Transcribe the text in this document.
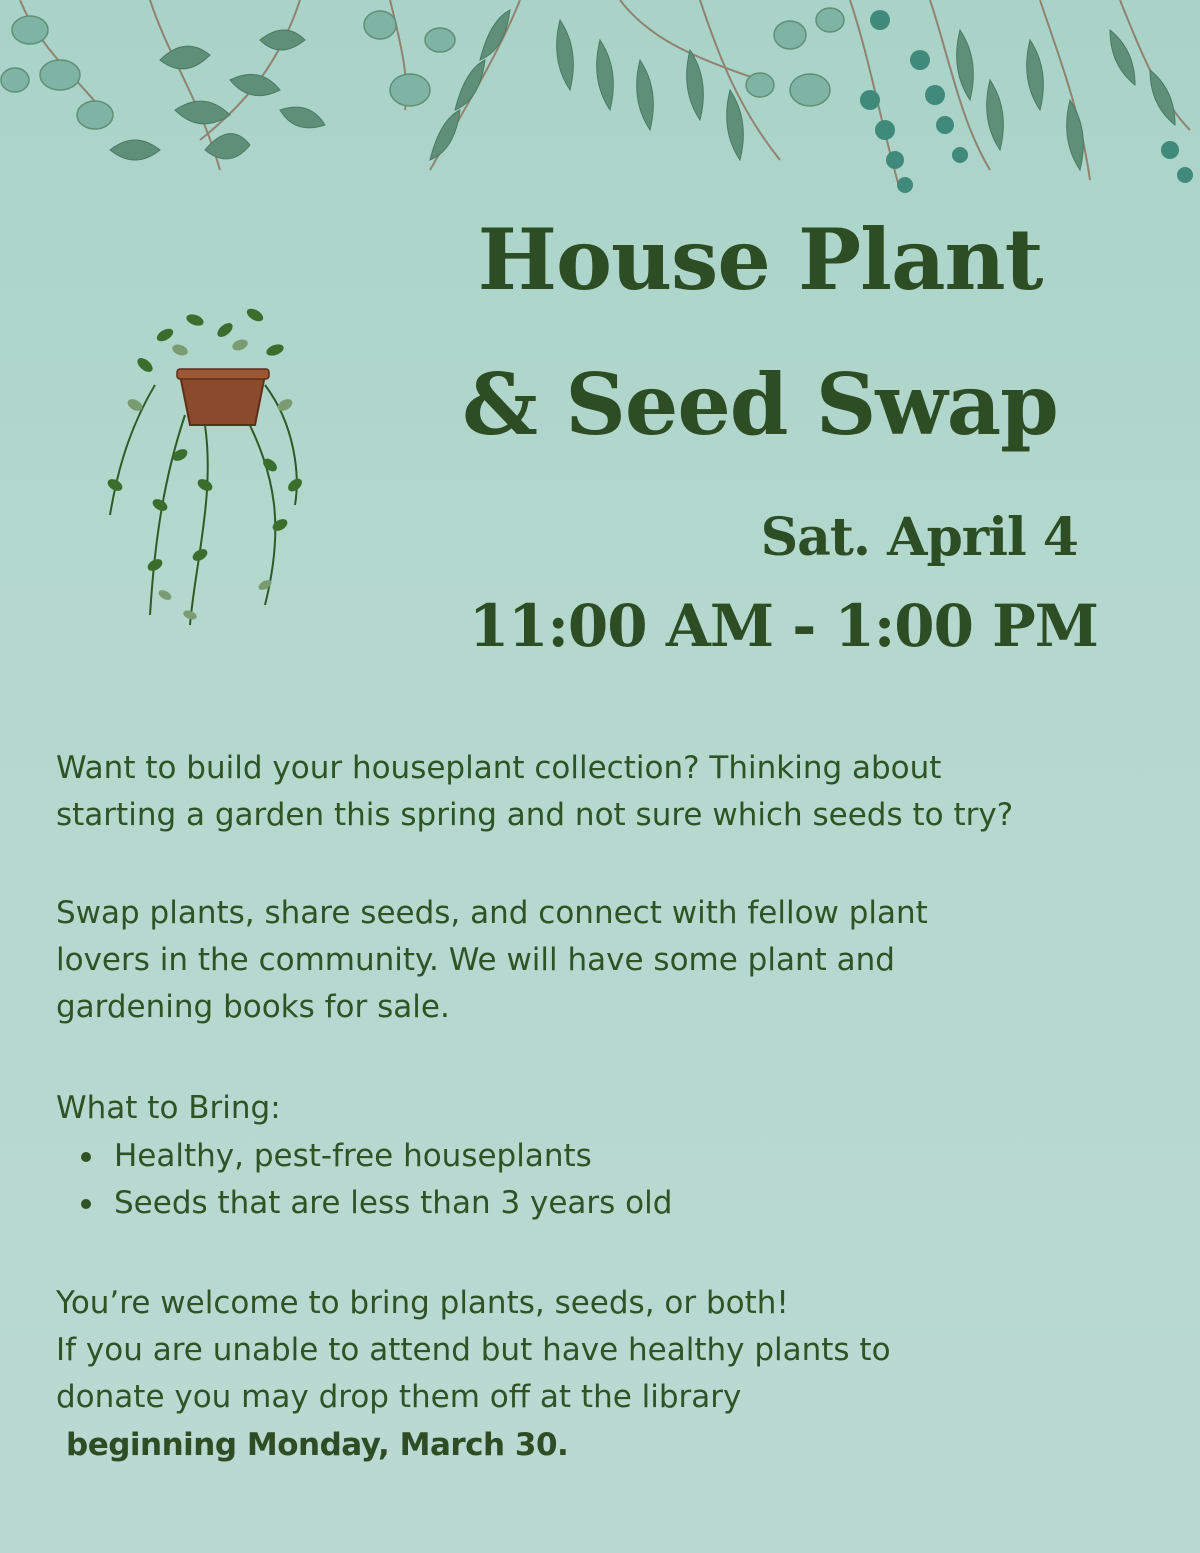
House Plant
& Seed Swap
Sat. April 4
11:00 AM - 1:00 PM

Want to build your houseplant collection? Thinking about
starting a garden this spring and not sure which seeds to try?

Swap plants, share seeds, and connect with fellow plant
lovers in the community. We will have some plant and
gardening books for sale.

What to Bring:

Healthy, pest-free houseplants
Seeds that are less than 3 years old

You’re welcome to bring plants, seeds, or both!
If you are unable to attend but have healthy plants to
donate you may drop them off at the library

beginning Monday, March 30.
